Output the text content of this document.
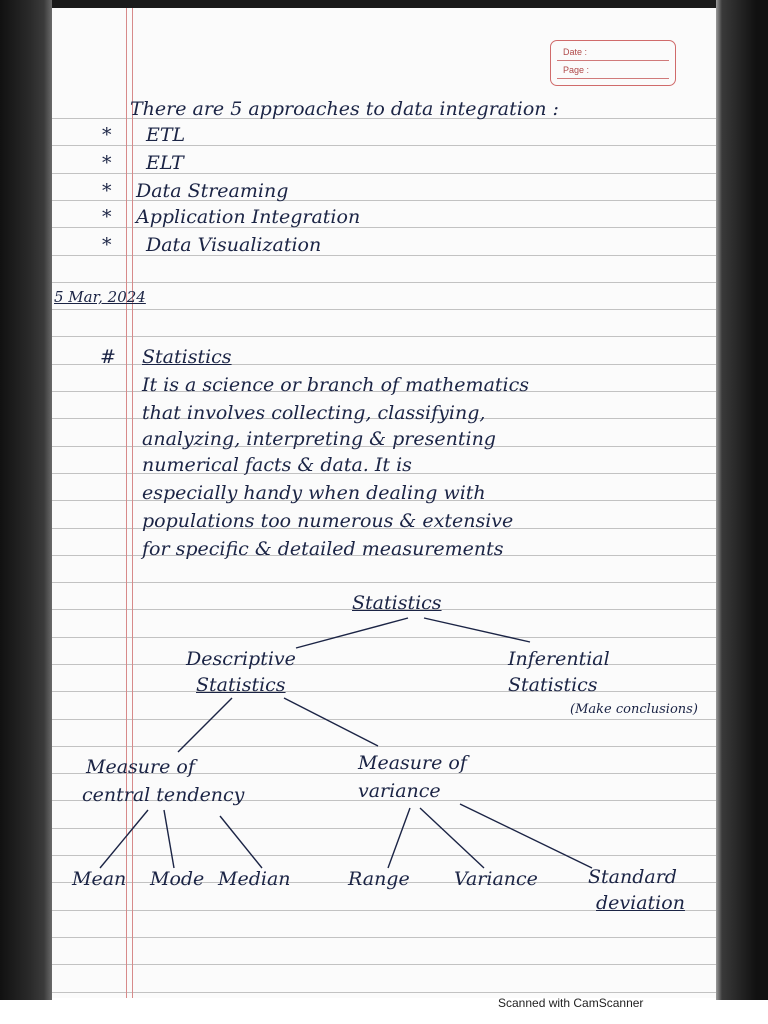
Date :
Page :
There are 5 approaches to data integration :
* ETL
* ELT
* Data Streaming
* Application Integration
* Data Visualization
5 Mar, 2024
# Statistics
It is a science or branch of mathematics
that involves collecting, classifying,
analyzing, interpreting & presenting
numerical facts & data. It is
especially handy when dealing with
populations too numerous & extensive
for specific & detailed measurements
Statistics
Descriptive
Statistics
Inferential
Statistics
(Make conclusions)
Measure of
central tendency
Measure of
variance
Mean Mode Median	Range Variance	Standard
deviation
Scanned with CamScanner
